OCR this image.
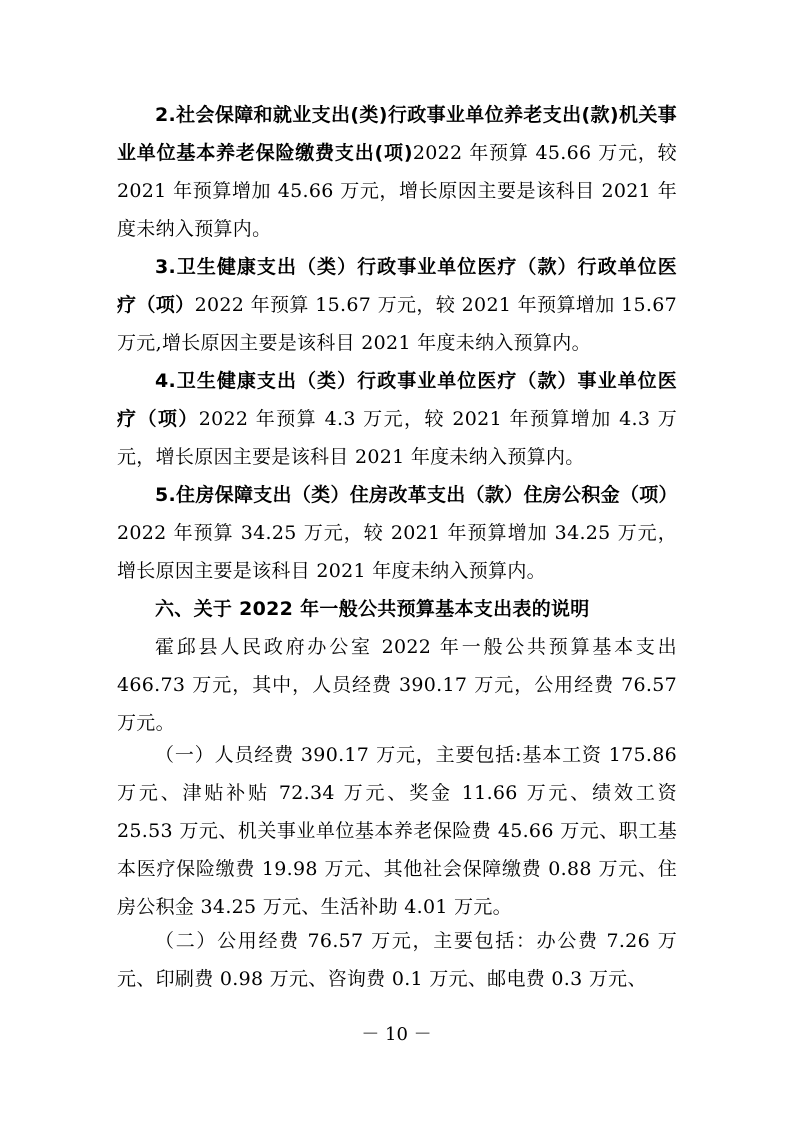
2.社会保障和就业支出(类)行政事业单位养老支出(款)机关事业单位基本养老保险缴费支出(项)2022 年预算 45.66 万元，较 2021 年预算增加 45.66 万元，增长原因主要是该科目 2021 年度未纳入预算内。

3.卫生健康支出（类）行政事业单位医疗（款）行政单位医疗（项）2022 年预算 15.67 万元，较 2021 年预算增加 15.67 万元,增长原因主要是该科目 2021 年度未纳入预算内。

4.卫生健康支出（类）行政事业单位医疗（款）事业单位医疗（项）2022 年预算 4.3 万元，较 2021 年预算增加 4.3 万元，增长原因主要是该科目 2021 年度未纳入预算内。

5.住房保障支出（类）住房改革支出（款）住房公积金（项）2022 年预算 34.25 万元，较 2021 年预算增加 34.25 万元，增长原因主要是该科目 2021 年度未纳入预算内。

六、关于 2022 年一般公共预算基本支出表的说明

霍邱县人民政府办公室 2022 年一般公共预算基本支出 466.73 万元，其中，人员经费 390.17 万元，公用经费 76.57 万元。

（一）人员经费 390.17 万元，主要包括:基本工资 175.86 万元、津贴补贴 72.34 万元、奖金 11.66 万元、绩效工资 25.53 万元、机关事业单位基本养老保险费 45.66 万元、职工基本医疗保险缴费 19.98 万元、其他社会保障缴费 0.88 万元、住房公积金 34.25 万元、生活补助 4.01 万元。

（二）公用经费 76.57 万元，主要包括：办公费 7.26 万元、印刷费 0.98 万元、咨询费 0.1 万元、邮电费 0.3 万元、

－ 10 －
